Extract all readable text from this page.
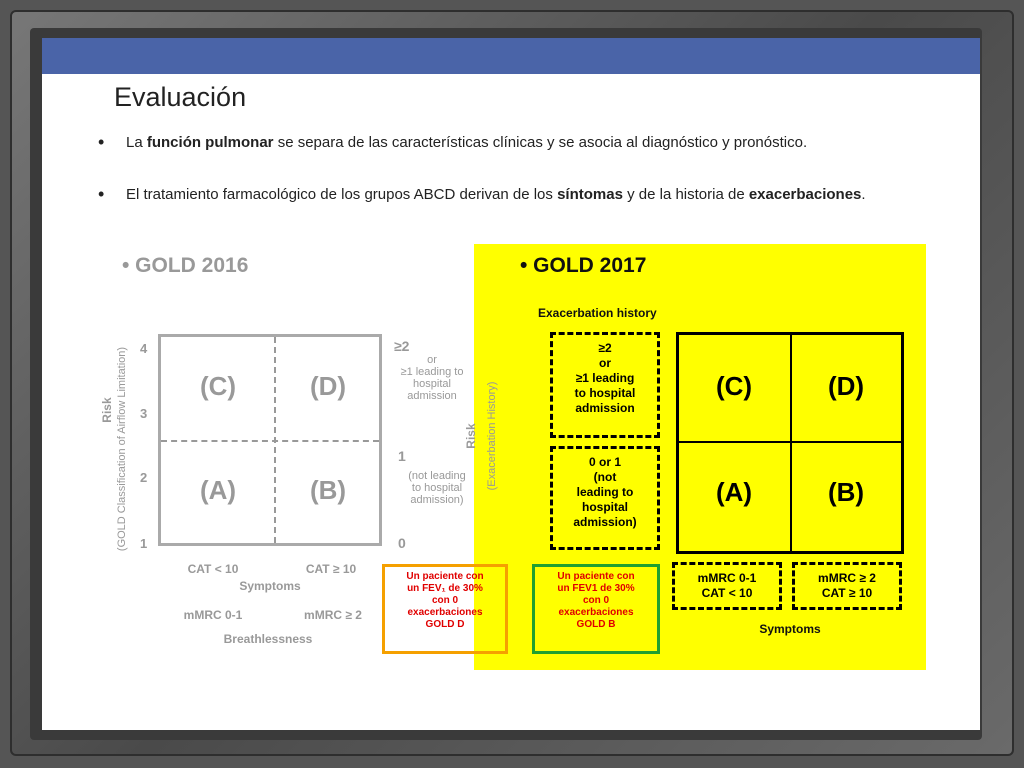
Evaluación
• La función pulmonar se separa de las características clínicas y se asocia al diagnóstico y pronóstico.
• El tratamiento farmacológico de los grupos ABCD derivan de los síntomas y de la historia de exacerbaciones.
• GOLD 2016
Risk (GOLD Classification of Airflow Limitation) 4
3
2
1
(C)	(D)
(A)	(B)
≥2
or
≥1 leading to
hospital
admission
1
(not leading
to hospital
admission)
0
Risk (Exacerbation History)
CAT < 10	CAT ≥ 10
Symptoms
mMRC 0-1	mMRC ≥ 2
Breathlessness
• GOLD 2017
Exacerbation history
≥2
or
≥1 leading
to hospital
admission
0 or 1
(not
leading to
hospital
admission)
(C)	(D)
(A)	(B)
mMRC 0-1
CAT < 10
mMRC ≥ 2
CAT ≥ 10
Symptoms
Un paciente con
un FEV₁ de 30%
con 0
exacerbaciones
GOLD D
Un paciente con
un FEV1 de 30%
con 0
exacerbaciones
GOLD B
